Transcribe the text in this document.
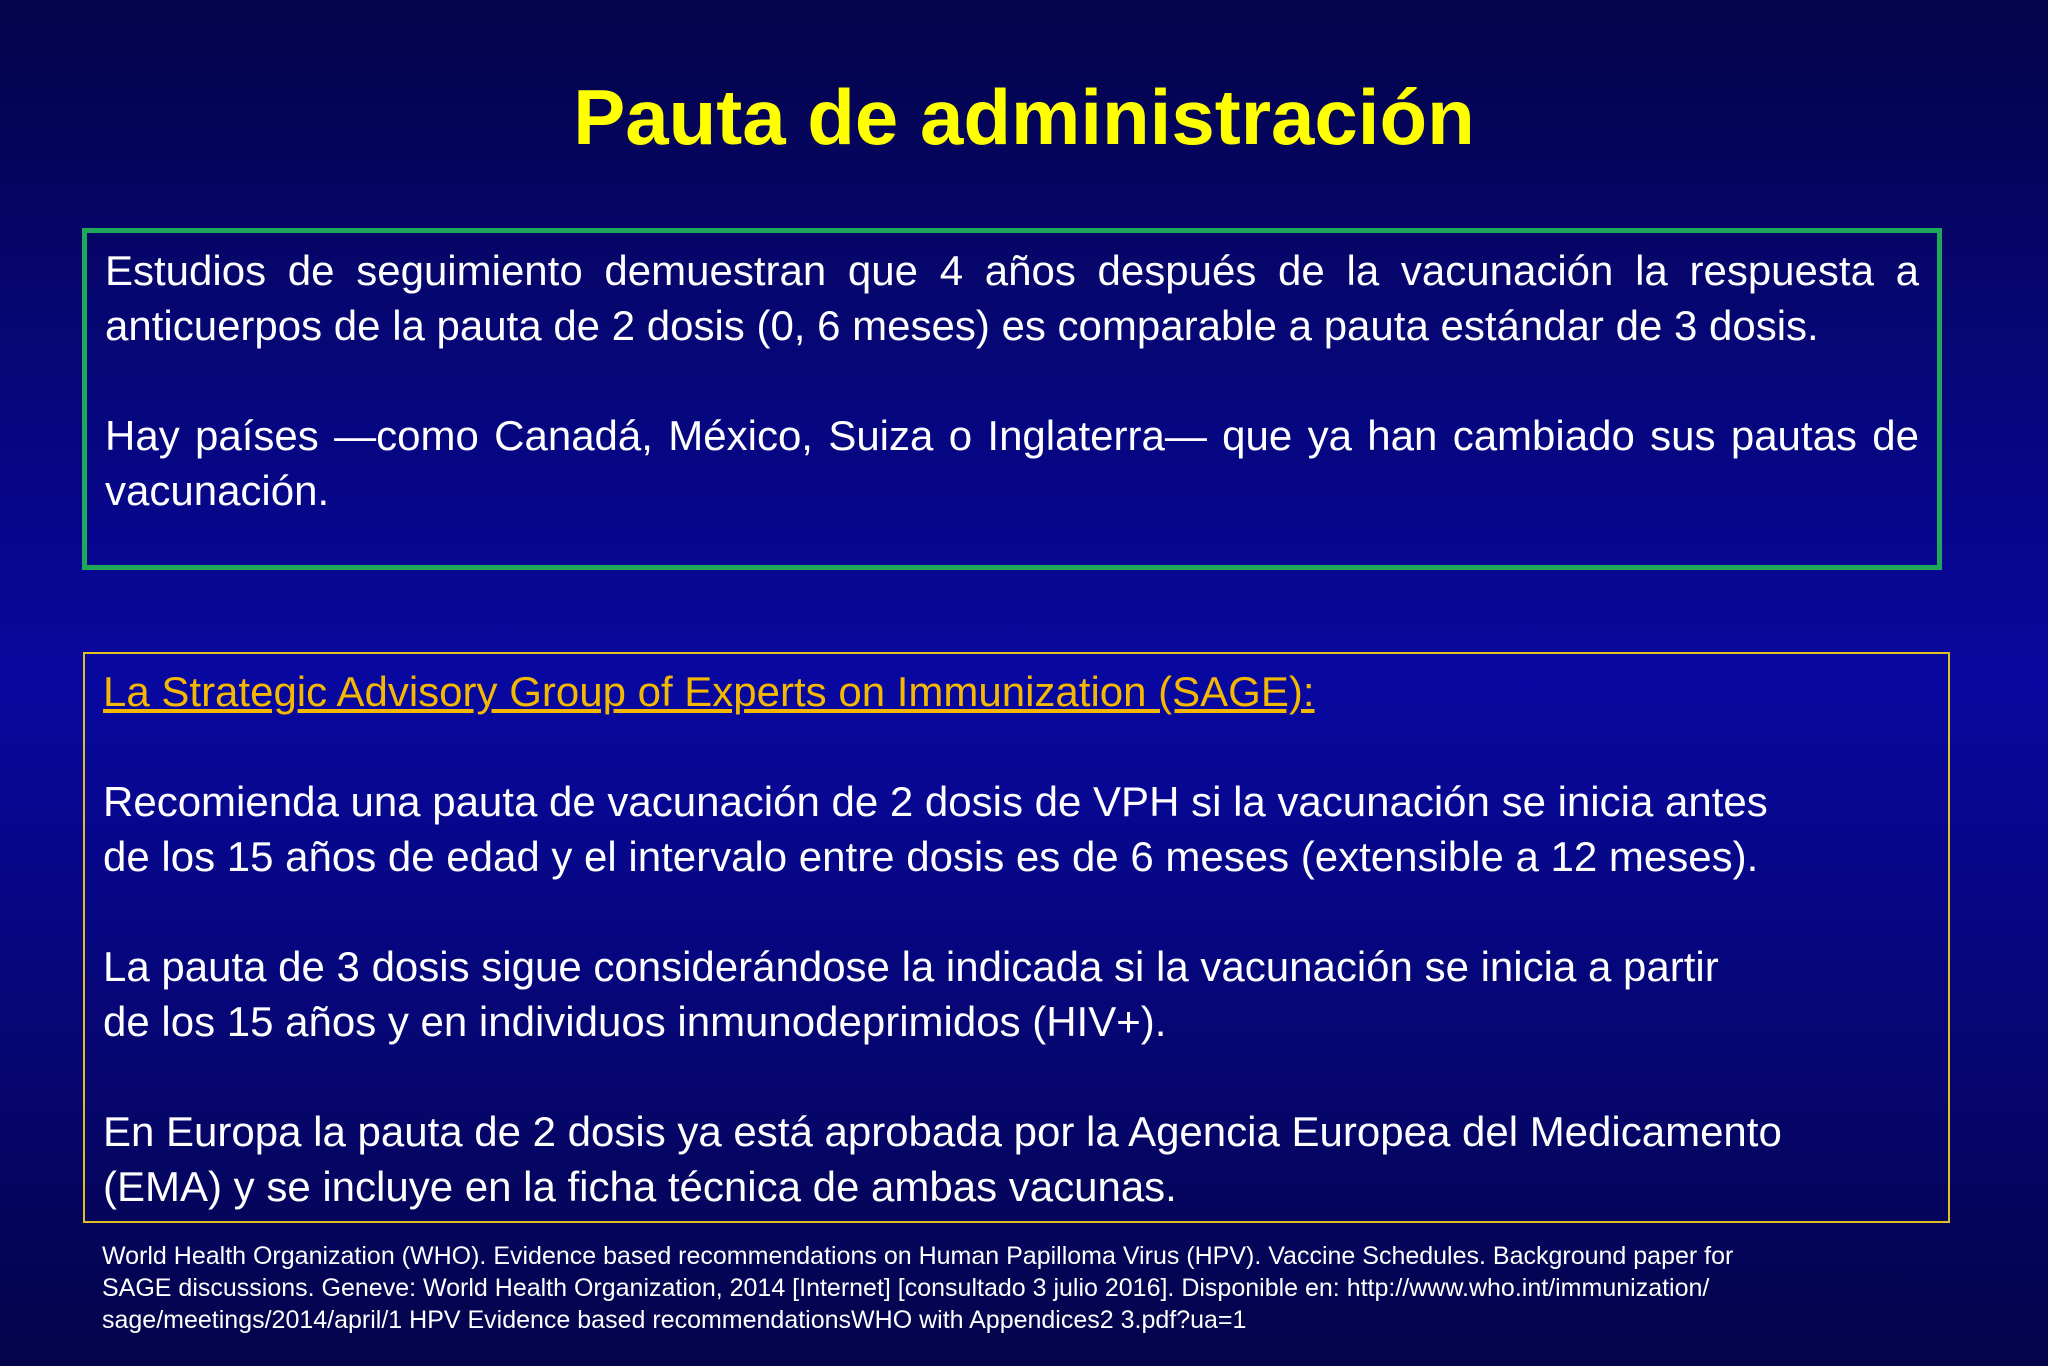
Pauta de administración

Estudios de seguimiento demuestran que 4 años después de la vacunación la respuesta a anticuerpos de la pauta de 2 dosis (0, 6 meses) es comparable a pauta estándar de 3 dosis.

Hay países —como Canadá, México, Suiza o Inglaterra— que ya han cambiado sus pautas de vacunación.

La Strategic Advisory Group of Experts on Immunization (SAGE):

Recomienda una pauta de vacunación de 2 dosis de VPH si la vacunación se inicia antes
de los 15 años de edad y el intervalo entre dosis es de 6 meses (extensible a 12 meses).

La pauta de 3 dosis sigue considerándose la indicada si la vacunación se inicia a partir
de los 15 años y en individuos inmunodeprimidos (HIV+).

En Europa la pauta de 2 dosis ya está aprobada por la Agencia Europea del Medicamento
(EMA) y se incluye en la ficha técnica de ambas vacunas.

World Health Organization (WHO). Evidence based recommendations on Human Papilloma Virus (HPV). Vaccine Schedules. Background paper for
SAGE discussions. Geneve: World Health Organization, 2014 [Internet] [consultado 3 julio 2016]. Disponible en: http://www.who.int/immunization/
sage/meetings/2014/april/1 HPV Evidence based recommendationsWHO with Appendices2 3.pdf?ua=1
